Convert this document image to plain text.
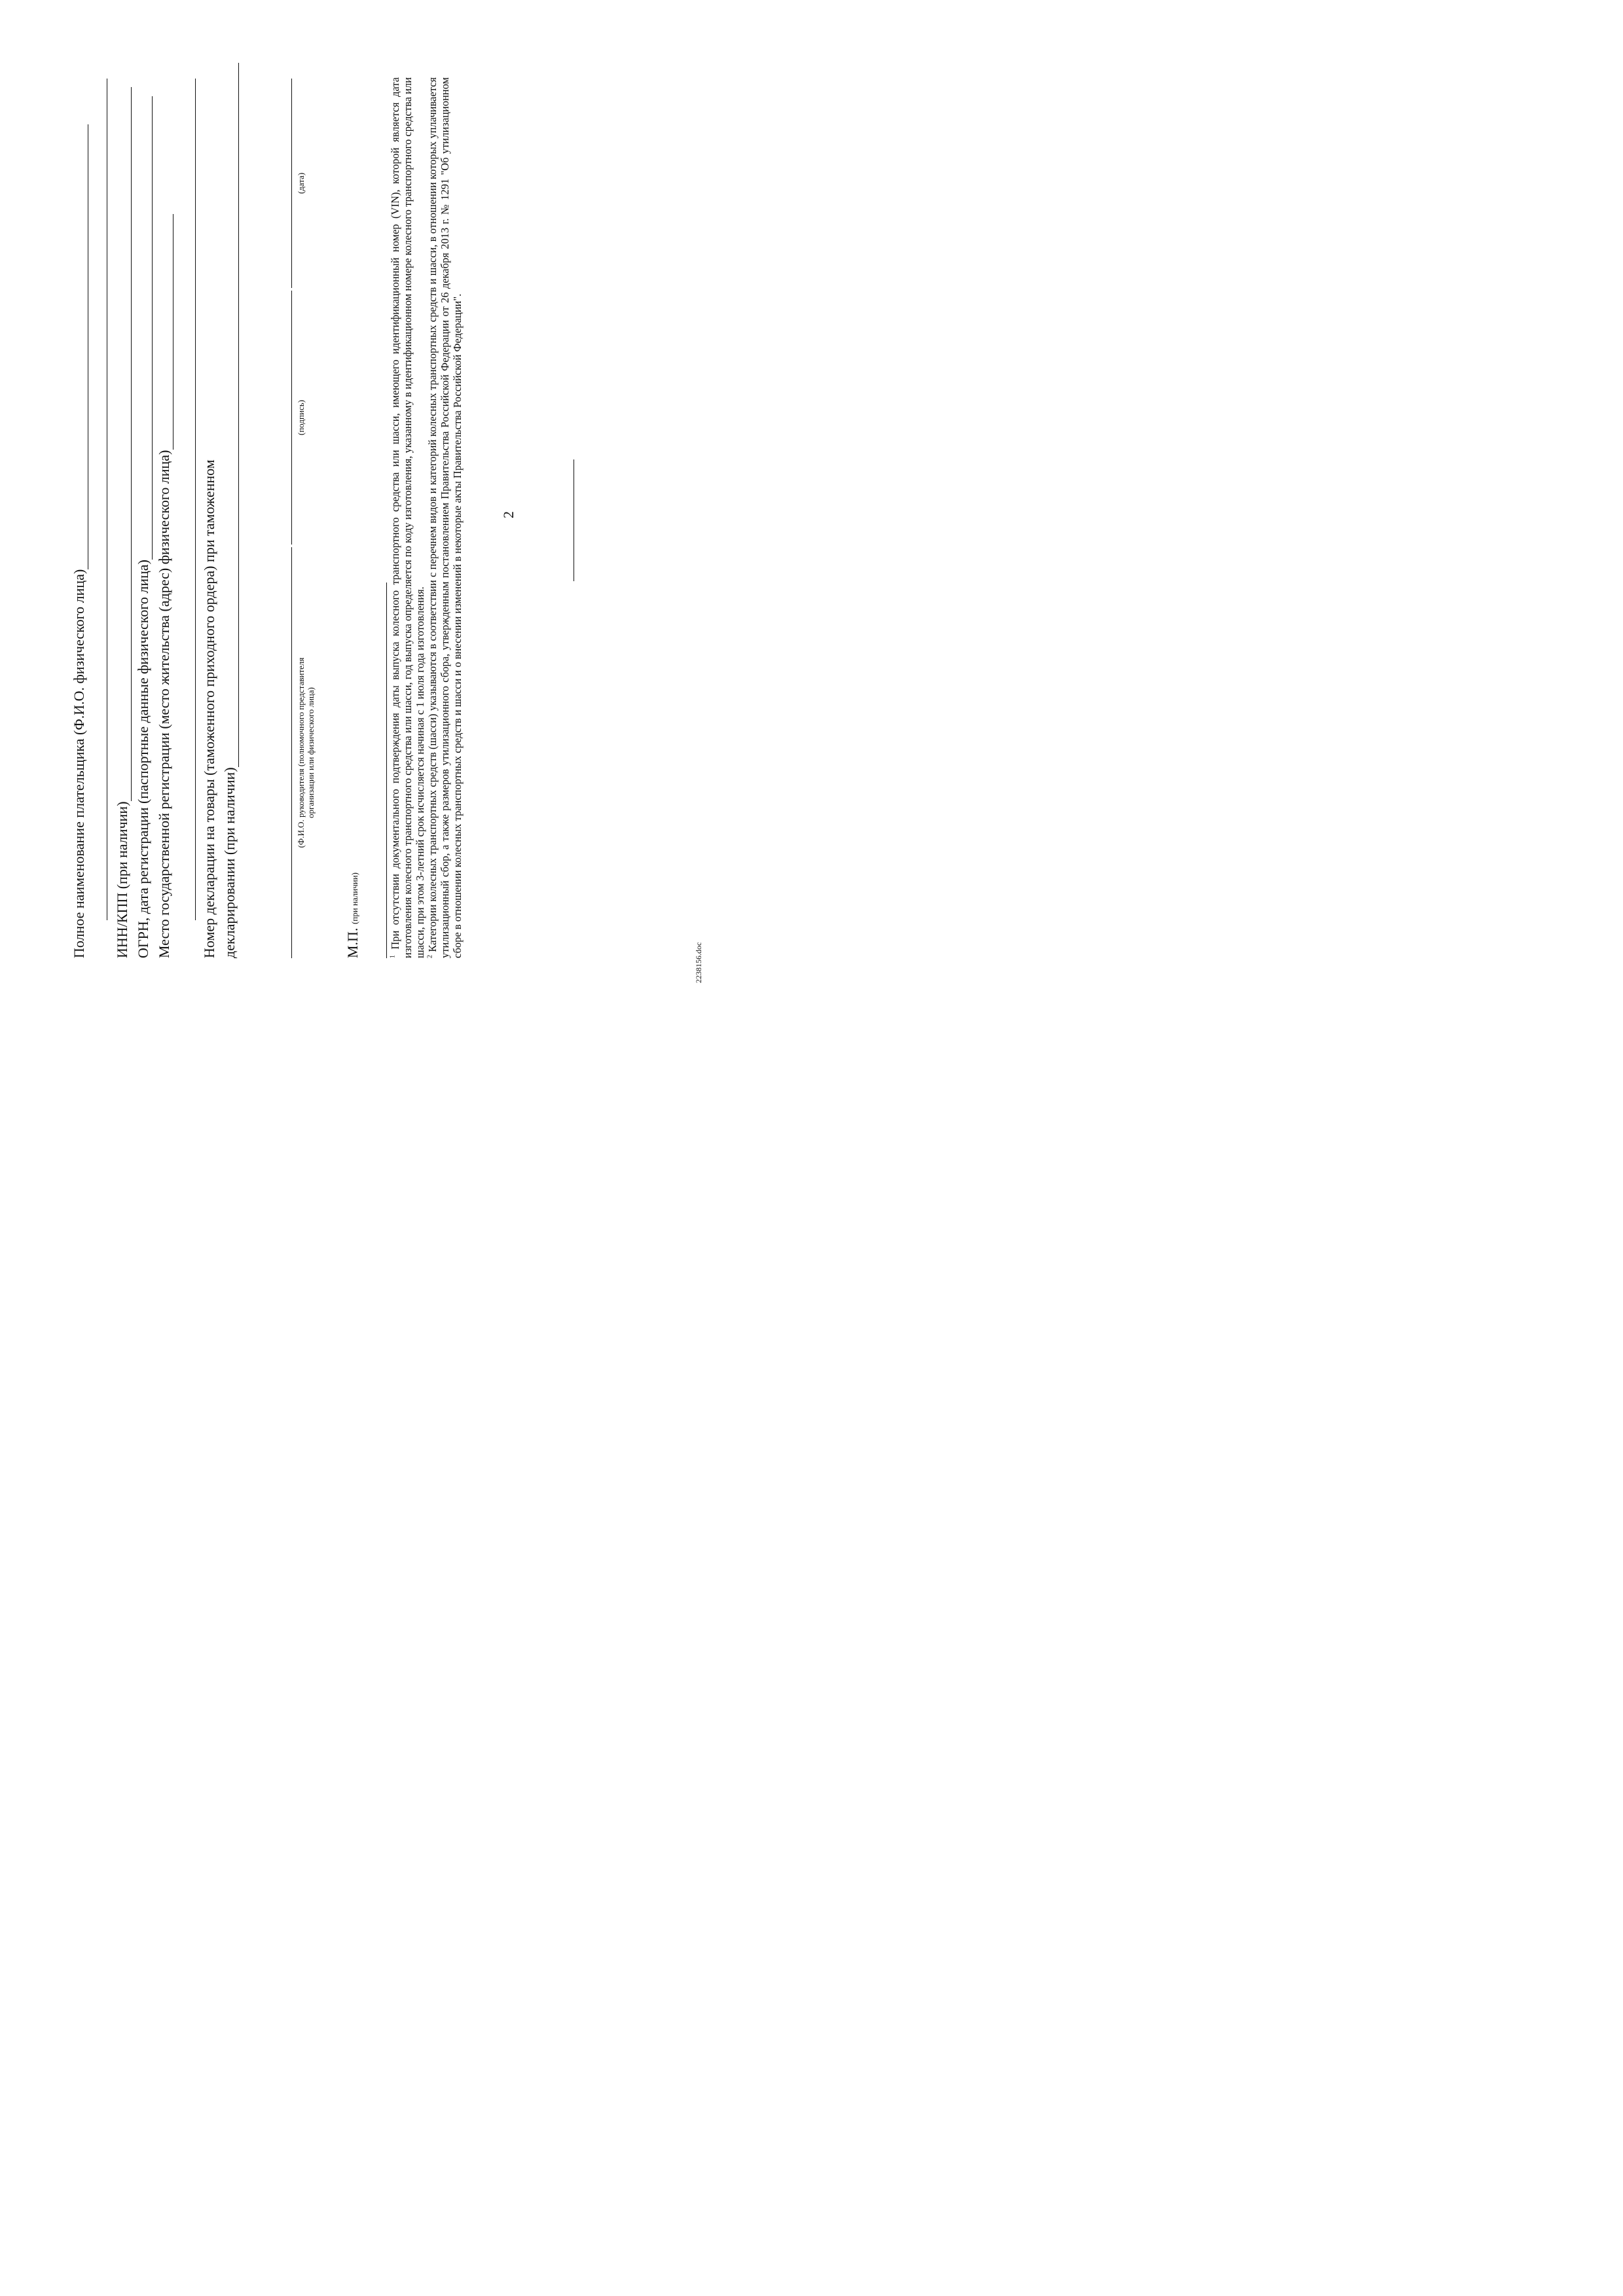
2
Полное наименование плательщика (Ф.И.О. физического лица) ИНН/КПП (при наличии) ОГРН, дата регистрации (паспортные данные физического лица) Место государственной регистрации (место жительства (адрес) физического лица) Номер декларации на товары (таможенного приходного ордера) при таможенном декларировании (при наличии)
(Ф.И.О. руководителя (полномочного представителя организации или физического лица)
(подпись)
(дата)
М.П. (при наличии)

$^1$ При отсутствии документального подтверждения даты выпуска колесного транспортного средства или шасси, имеющего идентификационный номер (VIN), которой является дата изготовления колесного транспортного средства или шасси, год выпуска определяется по коду изготовления, указанному в идентификационном номере колесного транспортного средства или шасси, при этом 3-летний срок исчисляется начиная с 1 июля года изготовления. $^2$ Категории колесных транспортных средств (шасси) указываются в соответствии с перечнем видов и категорий колесных транспортных средств и шасси, в отношении которых уплачивается утилизационный сбор, а также размеров утилизационного сбора, утвержденным постановлением Правительства Российской Федерации от 26 декабря 2013 г. № 1291 "Об утилизационном сборе в отношении колесных транспортных средств и шасси и о внесении изменений в некоторые акты Правительства Российской Федерации".

2238156.doc
